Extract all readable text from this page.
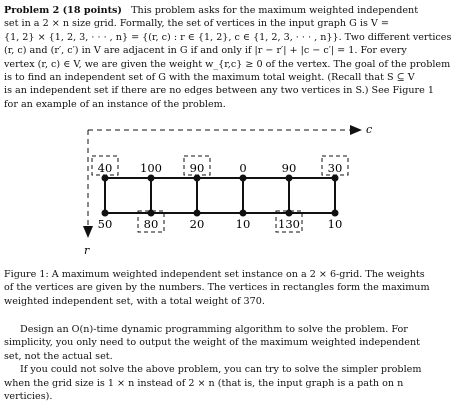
Problem 2 (18 points) This problem asks for the maximum weighted independent
set in a 2 × n size grid. Formally, the set of vertices in the input graph G is V =
{1, 2} × {1, 2, 3, · · · , n} = {(r, c) : r ∈ {1, 2}, c ∈ {1, 2, 3, · · · , n}}. Two different vertices
(r, c) and (r′, c′) in V are adjacent in G if and only if |r − r′| + |c − c′| = 1. For every
vertex (r, c) ∈ V, we are given the weight w_{r,c} ≥ 0 of the vertex. The goal of the problem
is to find an independent set of G with the maximum total weight. (Recall that S ⊆ V
is an independent set if there are no edges between any two vertices in S.) See Figure 1
for an example of an instance of the problem.
c
r
40
50
100
80
90
20
0
10
90
130
30
10
Figure 1: A maximum weighted independent set instance on a 2 × 6-grid. The weights
of the vertices are given by the numbers. The vertices in rectangles form the maximum
weighted independent set, with a total weight of 370.
Design an O(n)-time dynamic programming algorithm to solve the problem. For
simplicity, you only need to output the weight of the maximum weighted independent
set, not the actual set.
If you could not solve the above problem, you can try to solve the simpler problem
when the grid size is 1 × n instead of 2 × n (that is, the input graph is a path on n
verticies).
